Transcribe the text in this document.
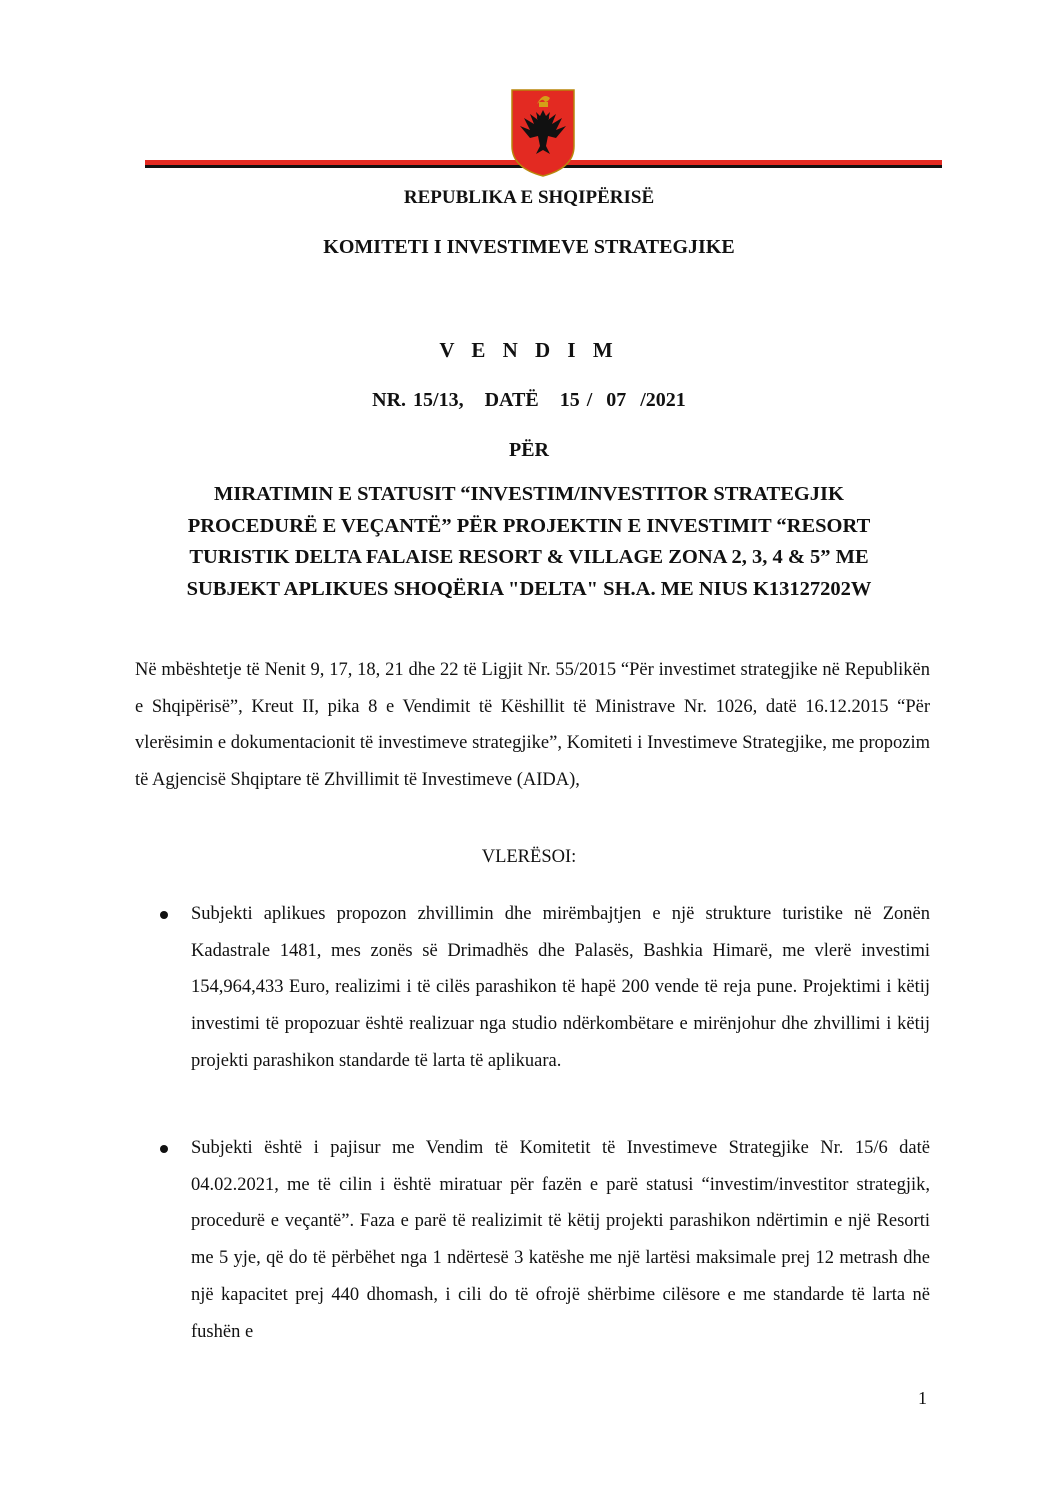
REPUBLIKA E SHQIPËRISË
KOMITETI I INVESTIMEVE STRATEGJIKE
V E N D I M
NR. 15/13,   DATË   15 /  07  /2021
PËR
MIRATIMIN E STATUSIT “INVESTIM/INVESTITOR STRATEGJIK
PROCEDURË E VEÇANTË” PËR PROJEKTIN E INVESTIMIT “RESORT
TURISTIK DELTA FALAISE RESORT & VILLAGE ZONA 2, 3, 4 & 5” ME
SUBJEKT APLIKUES SHOQËRIA "DELTA" SH.A. ME NIUS K13127202W
Në mbështetje të Nenit 9, 17, 18, 21 dhe 22 të Ligjit Nr. 55/2015 “Për investimet strategjike në Republikën e Shqipërisë”, Kreut II, pika 8 e Vendimit të Këshillit të Ministrave Nr. 1026, datë 16.12.2015 “Për vlerësimin e dokumentacionit të investimeve strategjike”, Komiteti i Investimeve Strategjike, me propozim të Agjencisë Shqiptare të Zhvillimit të Investimeve (AIDA),
VLERËSOI:
Subjekti aplikues propozon zhvillimin dhe mirëmbajtjen e një strukture turistike në Zonën Kadastrale 1481, mes zonës së Drimadhës dhe Palasës, Bashkia Himarë, me vlerë investimi 154,964,433 Euro, realizimi i të cilës parashikon të hapë 200 vende të reja pune. Projektimi i këtij investimi të propozuar është realizuar nga studio ndërkombëtare e mirënjohur dhe zhvillimi i këtij projekti parashikon standarde të larta të aplikuara.
Subjekti është i pajisur me Vendim të Komitetit të Investimeve Strategjike Nr. 15/6 datë 04.02.2021, me të cilin i është miratuar për fazën e parë statusi “investim/investitor strategjik, procedurë e veçantë”. Faza e parë të realizimit të këtij projekti parashikon ndërtimin e një Resorti me 5 yje, që do të përbëhet nga 1 ndërtesë 3 katëshe me një lartësi maksimale prej 12 metrash dhe një kapacitet prej 440 dhomash, i cili do të ofrojë shërbime cilësore e me standarde të larta në fushën e
1
